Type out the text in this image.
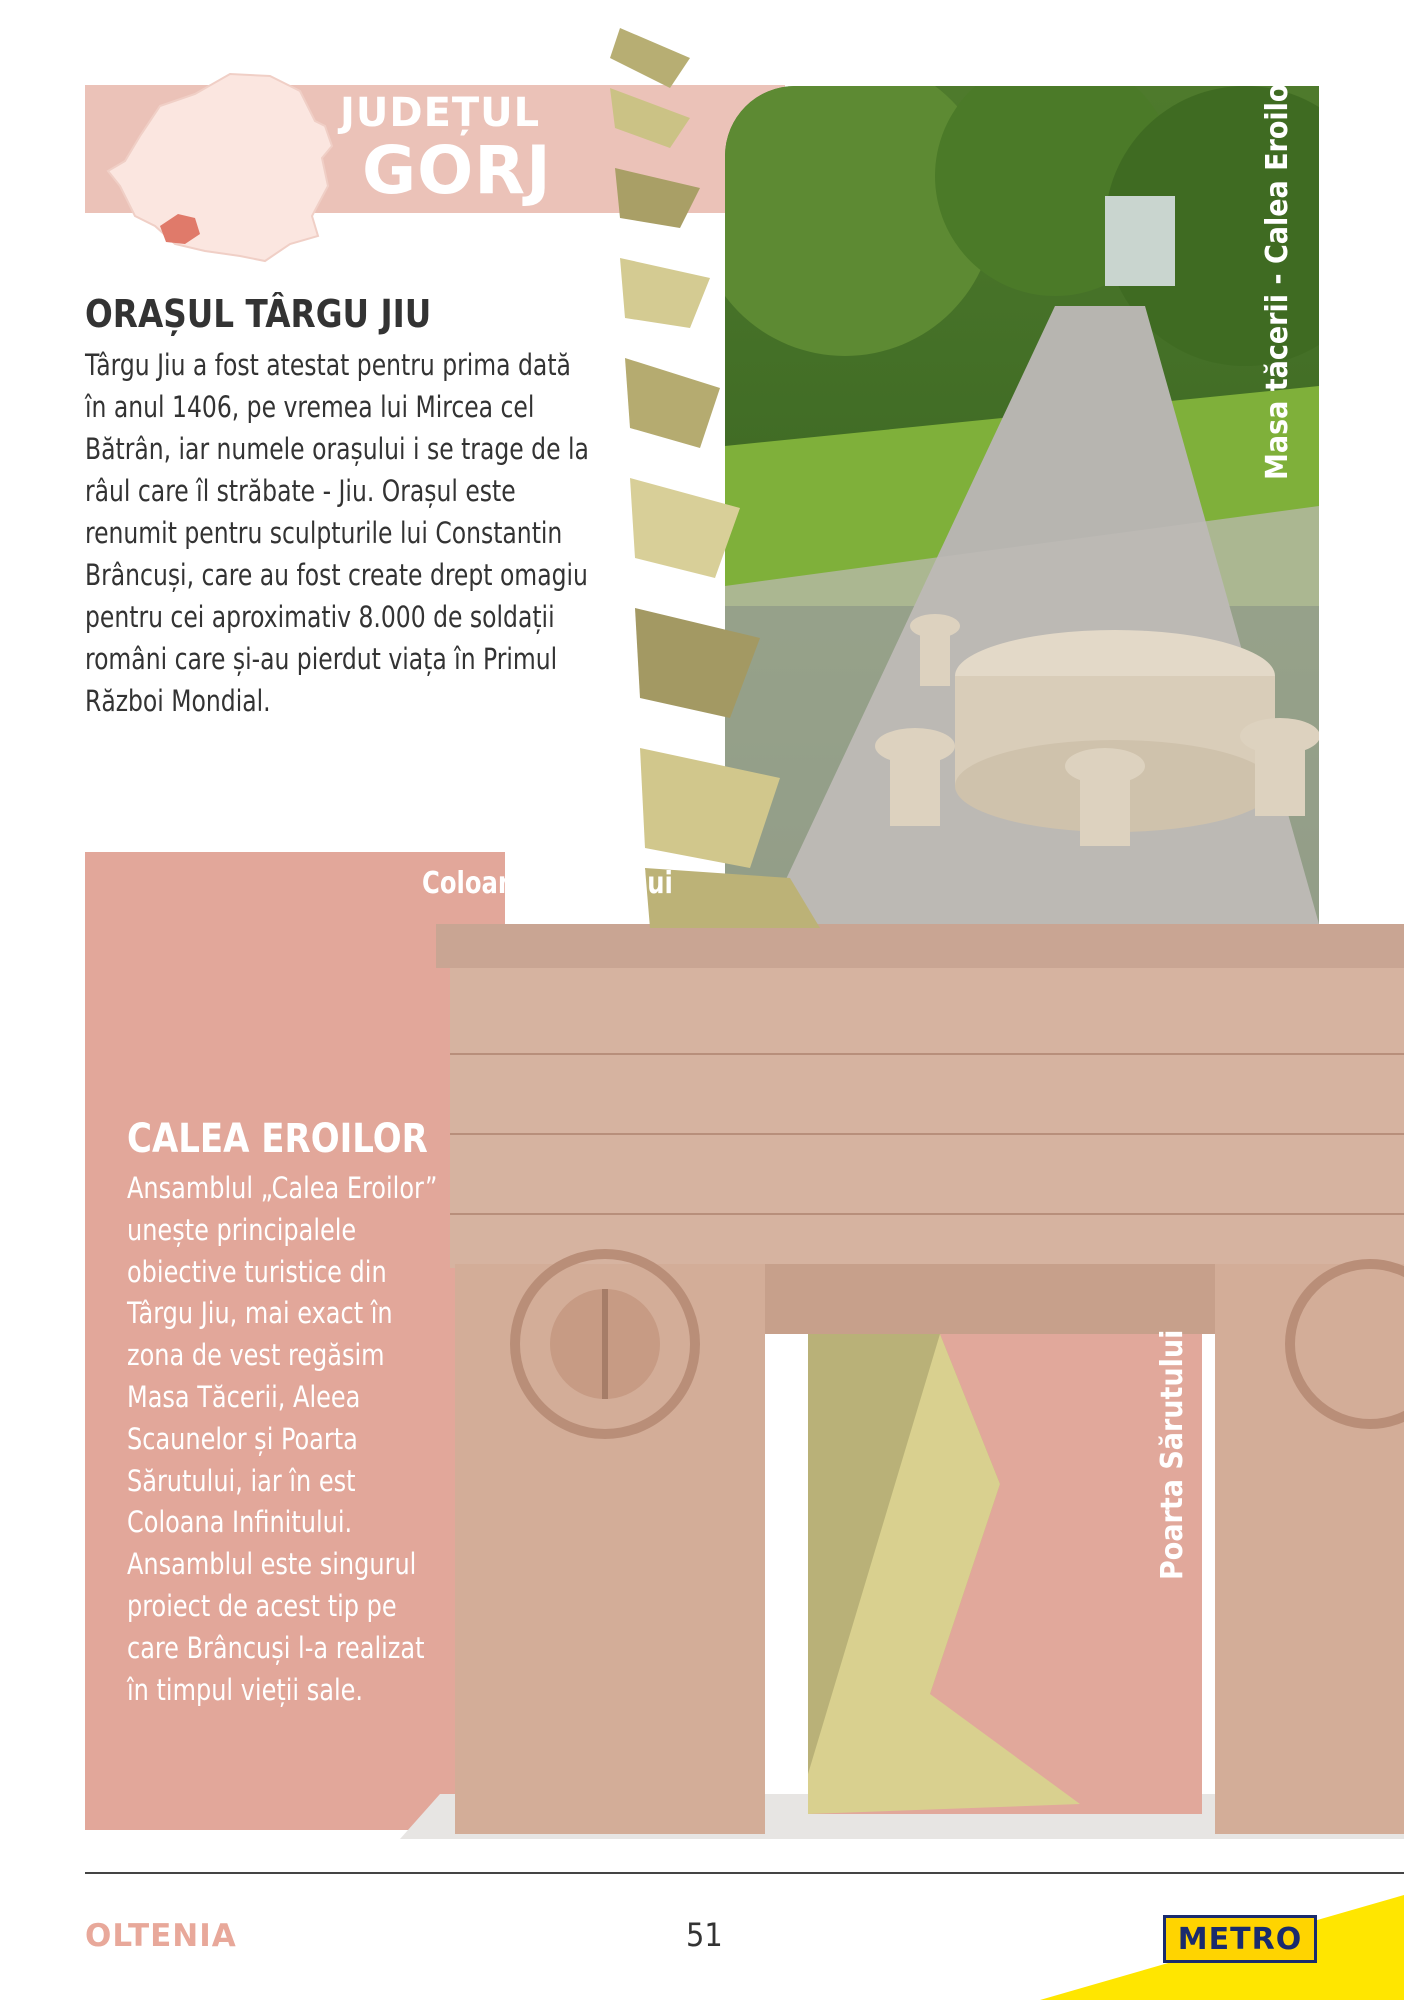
JUDEȚUL
GORJ
ORAȘUL TÂRGU JIU
Târgu Jiu a fost atestat pentru prima dată în anul 1406, pe vremea lui Mircea cel Bătrân, iar numele orașului i se trage de la râul care îl străbate - Jiu. Orașul este renumit pentru sculpturile lui Constantin Brâncuși, care au fost create drept omagiu pentru cei aproximativ 8.000 de soldații români care și-au pierdut viața în Primul Război Mondial.
Masa tăcerii - Calea Eroilor
Poarta Sărutului
Coloana Infinitului
CALEA EROILOR
Ansamblul „Calea Eroilor” unește principalele obiective turistice din Târgu Jiu, mai exact în zona de vest regăsim Masa Tăcerii, Aleea Scaunelor și Poarta Sărutului, iar în est Coloana Infinitului. Ansamblul este singurul proiect de acest tip pe care Brâncuși l-a realizat în timpul vieții sale.
OLTENIA	51	METRO
